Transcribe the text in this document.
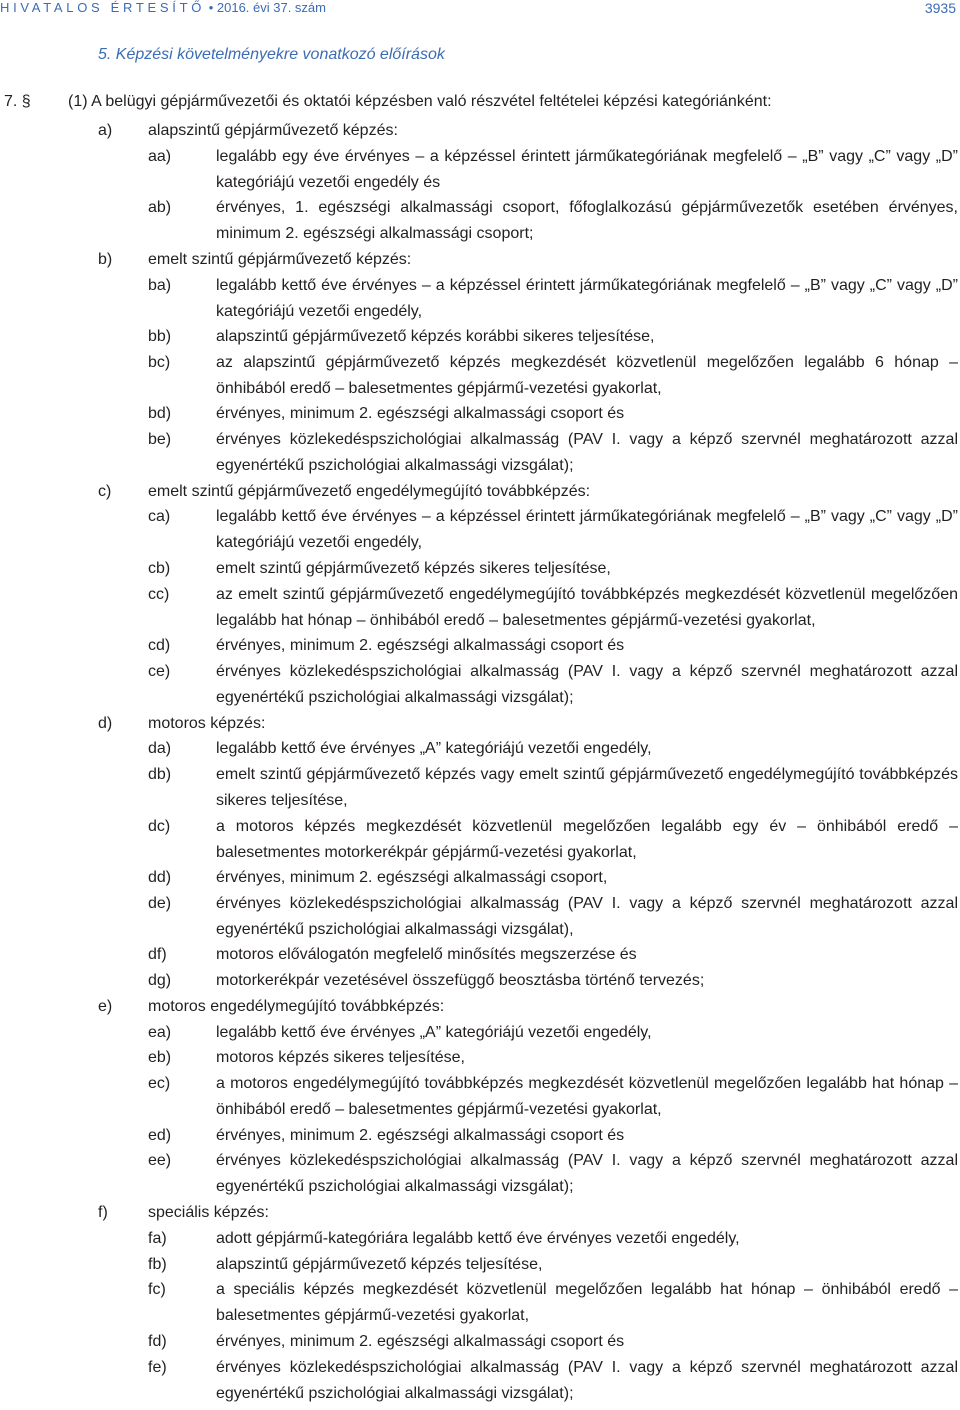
HIVATALOS ÉRTESÍTŐ • 2016. évi 37. szám	3935
5. Képzési követelményekre vonatkozó előírások
7. § (1) A belügyi gépjárművezetői és oktatói képzésben való részvétel feltételei képzési kategóriánként:
a)	alapszintű gépjárművezető képzés:
aa)	legalább egy éve érvényes – a képzéssel érintett járműkategóriának megfelelő – „B” vagy „C” vagy „D” kategóriájú vezetői engedély és
ab)	érvényes, 1. egészségi alkalmassági csoport, főfoglalkozású gépjárművezetők esetében érvényes, minimum 2. egészségi alkalmassági csoport;
b)	emelt szintű gépjárművezető képzés:
ba)	legalább kettő éve érvényes – a képzéssel érintett járműkategóriának megfelelő – „B” vagy „C” vagy „D” kategóriájú vezetői engedély,
bb)	alapszintű gépjárművezető képzés korábbi sikeres teljesítése,
bc)	az alapszintű gépjárművezető képzés megkezdését közvetlenül megelőzően legalább 6 hónap – önhibából eredő – balesetmentes gépjármű-vezetési gyakorlat,
bd)	érvényes, minimum 2. egészségi alkalmassági csoport és
be)	érvényes közlekedéspszichológiai alkalmasság (PAV I. vagy a képző szervnél meghatározott azzal egyenértékű pszichológiai alkalmassági vizsgálat);
c)	emelt szintű gépjárművezető engedélymegújító továbbképzés:
ca)	legalább kettő éve érvényes – a képzéssel érintett járműkategóriának megfelelő – „B” vagy „C” vagy „D” kategóriájú vezetői engedély,
cb)	emelt szintű gépjárművezető képzés sikeres teljesítése,
cc)	az emelt szintű gépjárművezető engedélymegújító továbbképzés megkezdését közvetlenül megelőzően legalább hat hónap – önhibából eredő – balesetmentes gépjármű-vezetési gyakorlat,
cd)	érvényes, minimum 2. egészségi alkalmassági csoport és
ce)	érvényes közlekedéspszichológiai alkalmasság (PAV I. vagy a képző szervnél meghatározott azzal egyenértékű pszichológiai alkalmassági vizsgálat);
d)	motoros képzés:
da)	legalább kettő éve érvényes „A” kategóriájú vezetői engedély,
db)	emelt szintű gépjárművezető képzés vagy emelt szintű gépjárművezető engedélymegújító továbbképzés sikeres teljesítése,
dc)	a motoros képzés megkezdését közvetlenül megelőzően legalább egy év – önhibából eredő – balesetmentes motorkerékpár gépjármű-vezetési gyakorlat,
dd)	érvényes, minimum 2. egészségi alkalmassági csoport,
de)	érvényes közlekedéspszichológiai alkalmasság (PAV I. vagy a képző szervnél meghatározott azzal egyenértékű pszichológiai alkalmassági vizsgálat),
df)	motoros előválogatón megfelelő minősítés megszerzése és
dg)	motorkerékpár vezetésével összefüggő beosztásba történő tervezés;
e)	motoros engedélymegújító továbbképzés:
ea)	legalább kettő éve érvényes „A” kategóriájú vezetői engedély,
eb)	motoros képzés sikeres teljesítése,
ec)	a motoros engedélymegújító továbbképzés megkezdését közvetlenül megelőzően legalább hat hónap – önhibából eredő – balesetmentes gépjármű-vezetési gyakorlat,
ed)	érvényes, minimum 2. egészségi alkalmassági csoport és
ee)	érvényes közlekedéspszichológiai alkalmasság (PAV I. vagy a képző szervnél meghatározott azzal egyenértékű pszichológiai alkalmassági vizsgálat);
f)	speciális képzés:
fa)	adott gépjármű-kategóriára legalább kettő éve érvényes vezetői engedély,
fb)	alapszintű gépjárművezető képzés teljesítése,
fc)	a speciális képzés megkezdését közvetlenül megelőzően legalább hat hónap – önhibából eredő – balesetmentes gépjármű-vezetési gyakorlat,
fd)	érvényes, minimum 2. egészségi alkalmassági csoport és
fe)	érvényes közlekedéspszichológiai alkalmasság (PAV I. vagy a képző szervnél meghatározott azzal egyenértékű pszichológiai alkalmassági vizsgálat);
